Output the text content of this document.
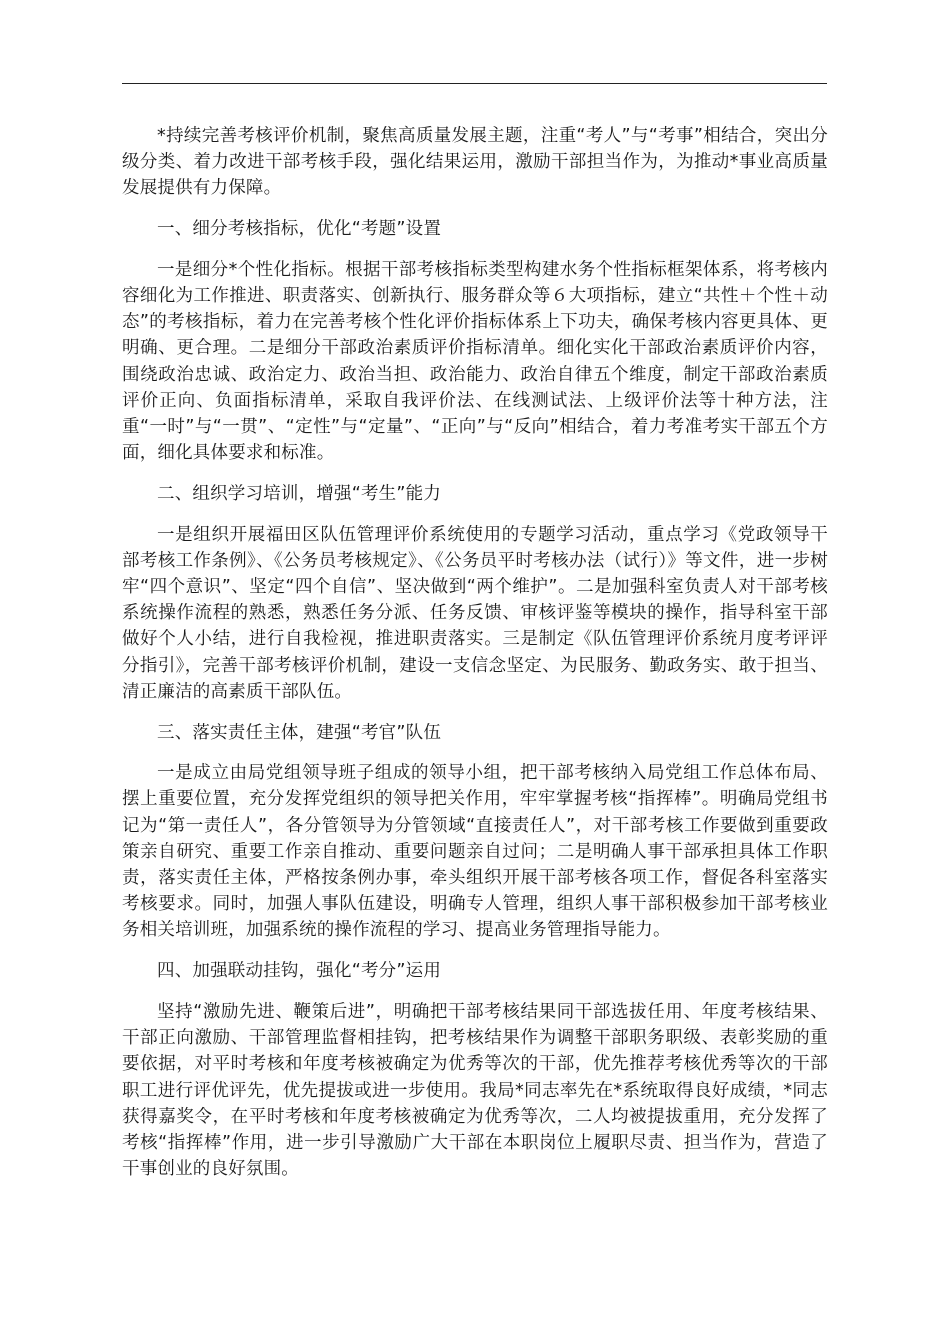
*持续完善考核评价机制，聚焦高质量发展主题，注重“考人”与“考事”相结合，突出分级分类、着力改进干部考核手段，强化结果运用，激励干部担当作为，为推动*事业高质量发展提供有力保障。

一、细分考核指标，优化“考题”设置

一是细分*个性化指标。根据干部考核指标类型构建水务个性指标框架体系，将考核内容细化为工作推进、职责落实、创新执行、服务群众等６大项指标，建立“共性＋个性＋动态”的考核指标，着力在完善考核个性化评价指标体系上下功夫，确保考核内容更具体、更明确、更合理。二是细分干部政治素质评价指标清单。细化实化干部政治素质评价内容，围绕政治忠诚、政治定力、政治当担、政治能力、政治自律五个维度，制定干部政治素质评价正向、负面指标清单，采取自我评价法、在线测试法、上级评价法等十种方法，注重“一时”与“一贯”、“定性”与“定量”、“正向”与“反向”相结合，着力考准考实干部五个方面，细化具体要求和标准。

二、组织学习培训，增强“考生”能力

一是组织开展福田区队伍管理评价系统使用的专题学习活动，重点学习《党政领导干部考核工作条例》、《公务员考核规定》、《公务员平时考核办法（试行）》等文件，进一步树牢“四个意识”、坚定“四个自信”、坚决做到“两个维护”。二是加强科室负责人对干部考核系统操作流程的熟悉，熟悉任务分派、任务反馈、审核评鉴等模块的操作，指导科室干部做好个人小结，进行自我检视，推进职责落实。三是制定《队伍管理评价系统月度考评评分指引》，完善干部考核评价机制，建设一支信念坚定、为民服务、勤政务实、敢于担当、清正廉洁的高素质干部队伍。

三、落实责任主体，建强“考官”队伍

一是成立由局党组领导班子组成的领导小组，把干部考核纳入局党组工作总体布局、摆上重要位置，充分发挥党组织的领导把关作用，牢牢掌握考核“指挥棒”。明确局党组书记为“第一责任人”，各分管领导为分管领域“直接责任人”，对干部考核工作要做到重要政策亲自研究、重要工作亲自推动、重要问题亲自过问；二是明确人事干部承担具体工作职责，落实责任主体，严格按条例办事，牵头组织开展干部考核各项工作，督促各科室落实考核要求。同时，加强人事队伍建设，明确专人管理，组织人事干部积极参加干部考核业务相关培训班，加强系统的操作流程的学习、提高业务管理指导能力。

四、加强联动挂钩，强化“考分”运用

坚持“激励先进、鞭策后进”，明确把干部考核结果同干部选拔任用、年度考核结果、干部正向激励、干部管理监督相挂钩，把考核结果作为调整干部职务职级、表彰奖励的重要依据，对平时考核和年度考核被确定为优秀等次的干部，优先推荐考核优秀等次的干部职工进行评优评先，优先提拔或进一步使用。我局*同志率先在*系统取得良好成绩，*同志获得嘉奖令，在平时考核和年度考核被确定为优秀等次，二人均被提拔重用，充分发挥了考核“指挥棒”作用，进一步引导激励广大干部在本职岗位上履职尽责、担当作为，营造了干事创业的良好氛围。
